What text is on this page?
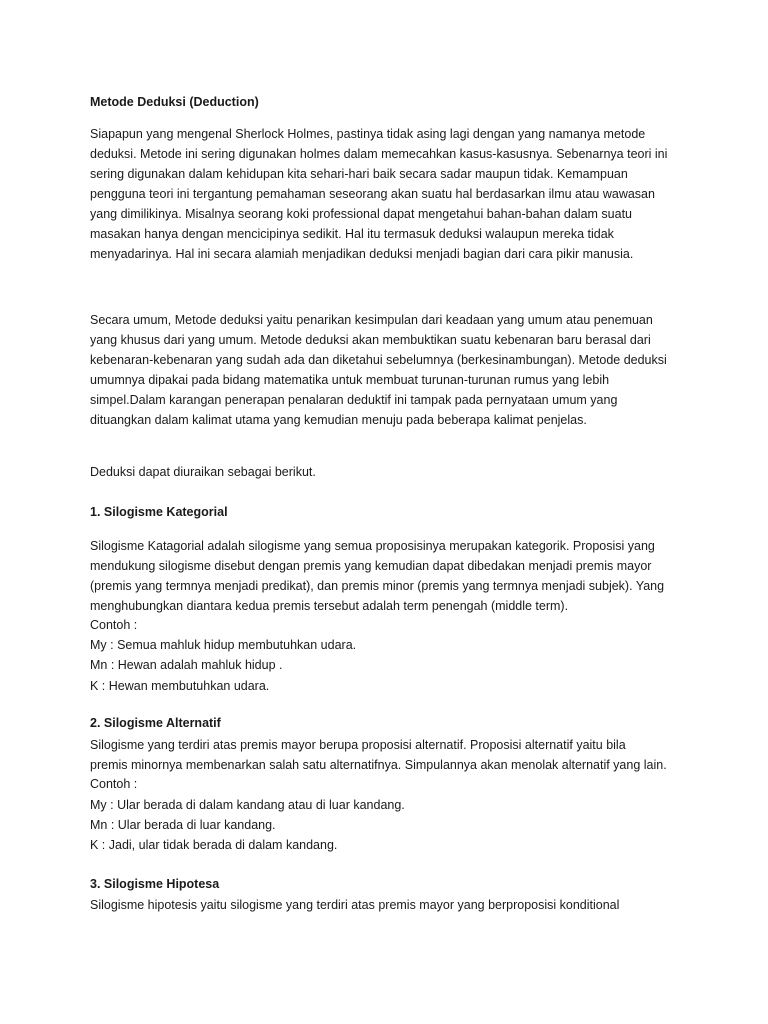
Metode Deduksi (Deduction)
Siapapun yang mengenal Sherlock Holmes, pastinya tidak asing lagi dengan yang namanya metode
deduksi. Metode ini sering digunakan holmes dalam memecahkan kasus-kasusnya. Sebenarnya teori ini
sering digunakan dalam kehidupan kita sehari-hari baik secara sadar maupun tidak. Kemampuan
pengguna teori ini tergantung pemahaman seseorang akan suatu hal berdasarkan ilmu atau wawasan
yang dimilikinya. Misalnya seorang koki professional dapat mengetahui bahan-bahan dalam suatu
masakan hanya dengan mencicipinya sedikit. Hal itu termasuk deduksi walaupun mereka tidak
menyadarinya. Hal ini secara alamiah menjadikan deduksi menjadi bagian dari cara pikir manusia.
Secara umum, Metode deduksi yaitu penarikan kesimpulan dari keadaan yang umum atau penemuan
yang khusus dari yang umum. Metode deduksi akan membuktikan suatu kebenaran baru berasal dari
kebenaran-kebenaran yang sudah ada dan diketahui sebelumnya (berkesinambungan). Metode deduksi
umumnya dipakai pada bidang matematika untuk membuat turunan-turunan rumus yang lebih
simpel.Dalam karangan penerapan penalaran deduktif ini tampak pada pernyataan umum yang
dituangkan dalam kalimat utama yang kemudian menuju pada beberapa kalimat penjelas.
Deduksi dapat diuraikan sebagai berikut.
1. Silogisme Kategorial
Silogisme Katagorial adalah silogisme yang semua proposisinya merupakan kategorik. Proposisi yang
mendukung silogisme disebut dengan premis yang kemudian dapat dibedakan menjadi premis mayor
(premis yang termnya menjadi predikat), dan premis minor (premis yang termnya menjadi subjek). Yang
menghubungkan diantara kedua premis tersebut adalah term penengah (middle term).
Contoh :
My : Semua mahluk hidup membutuhkan udara.
Mn : Hewan adalah mahluk hidup .
K : Hewan membutuhkan udara.
2. Silogisme Alternatif
Silogisme yang terdiri atas premis mayor berupa proposisi alternatif. Proposisi alternatif yaitu bila
premis minornya membenarkan salah satu alternatifnya. Simpulannya akan menolak alternatif yang lain.
Contoh :
My : Ular berada di dalam kandang atau di luar kandang.
Mn : Ular berada di luar kandang.
K : Jadi, ular tidak berada di dalam kandang.
3. Silogisme Hipotesa
Silogisme hipotesis yaitu silogisme yang terdiri atas premis mayor yang berproposisi konditional
